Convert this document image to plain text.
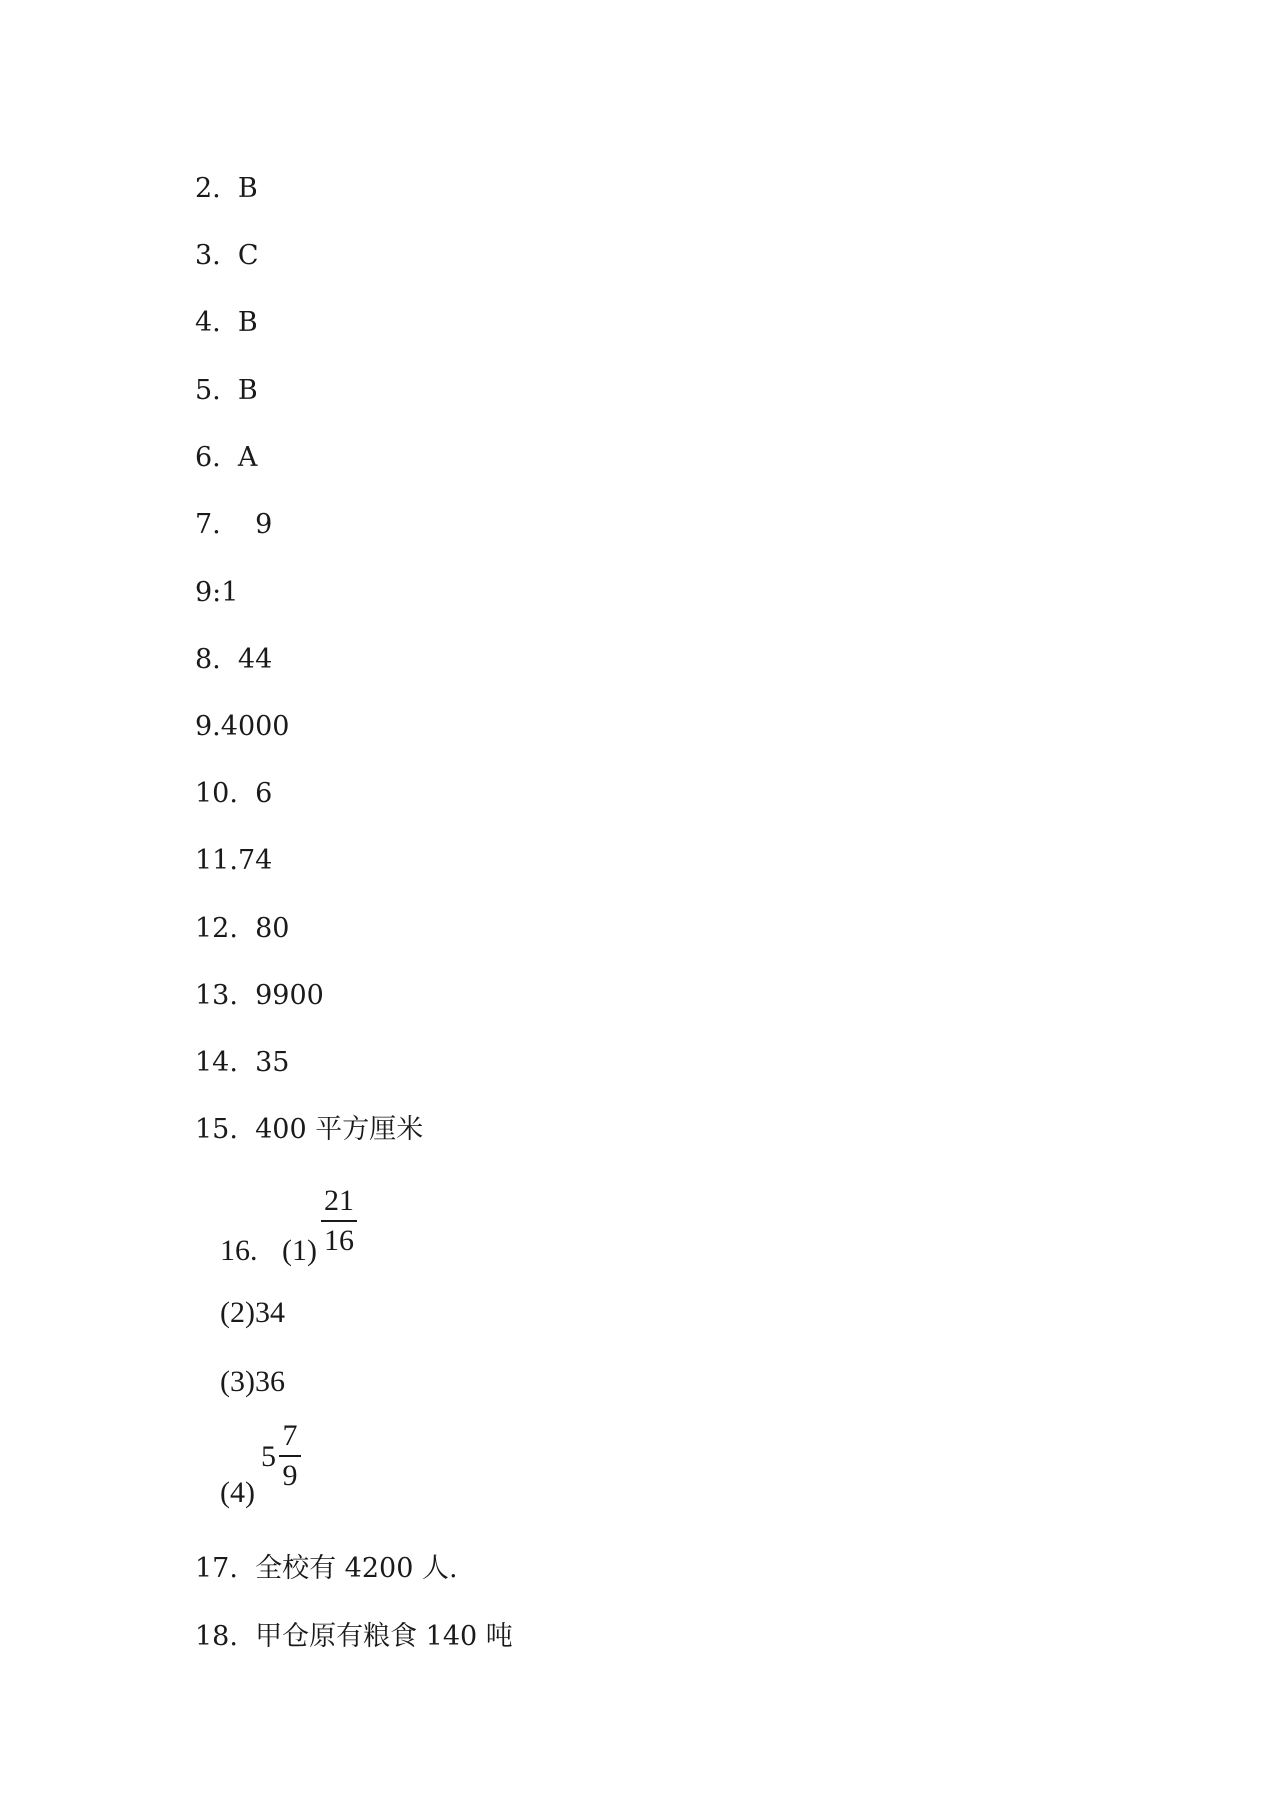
2.  B
3.  C
4.  B
5.  B
6.  A
7.    9
9:1
8.  44
9.4000
10.  6
11.74
12.  80
13.  9900
14.  35
15.  400 平方厘米
16. (1)
21
16
(2)34
(3)36
(4)
5
7
9
17.  全校有 4200 人.
18.  甲仓原有粮食 140 吨
